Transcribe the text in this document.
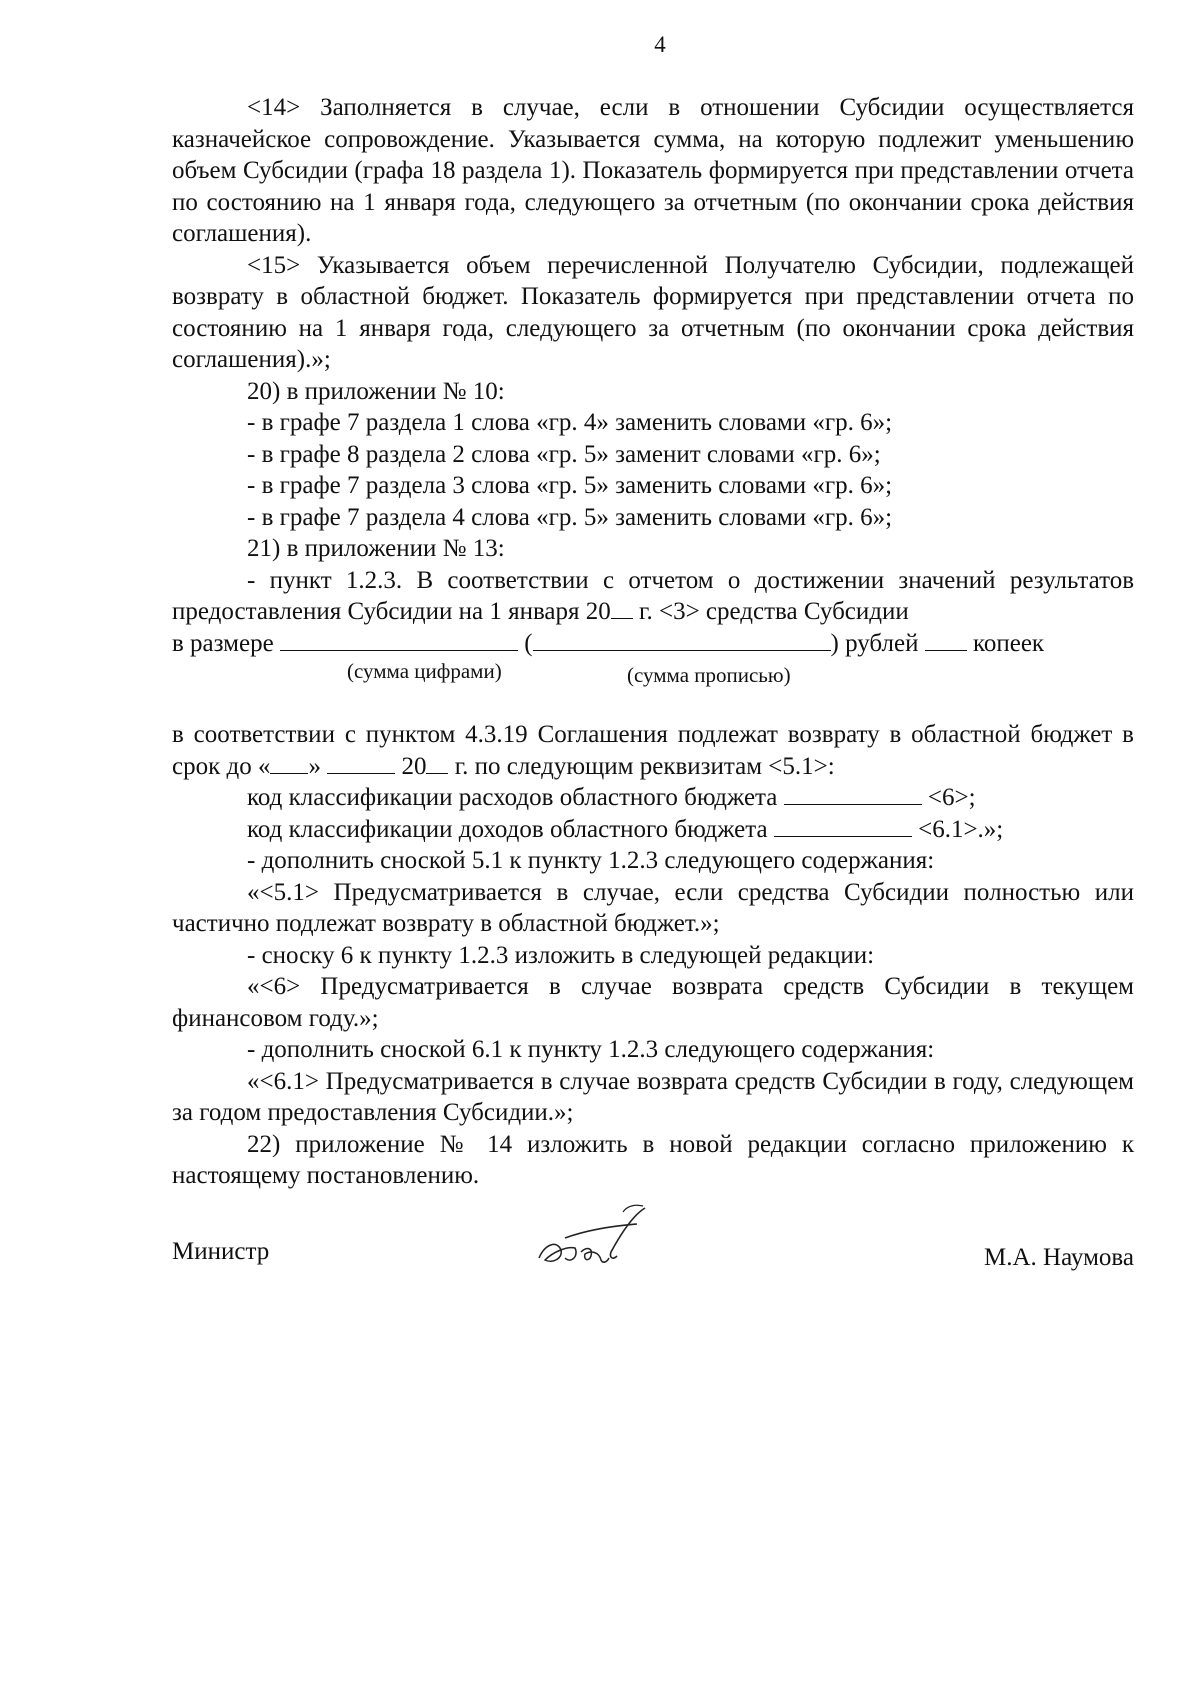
4

<14> Заполняется в случае, если в отношении Субсидии осуществляется казначейское сопровождение. Указывается сумма, на которую подлежит уменьшению объем Субсидии (графа 18 раздела 1). Показатель формируется при представлении отчета по состоянию на 1 января года, следующего за отчетным (по окончании срока действия соглашения).

<15> Указывается объем перечисленной Получателю Субсидии, подлежащей возврату в областной бюджет. Показатель формируется при представлении отчета по состоянию на 1 января года, следующего за отчетным (по окончании срока действия соглашения).»;

20) в приложении № 10:
- в графе 7 раздела 1 слова «гр. 4» заменить словами «гр. 6»;
- в графе 8 раздела 2 слова «гр. 5» заменит словами «гр. 6»;
- в графе 7 раздела 3 слова «гр. 5» заменить словами «гр. 6»;
- в графе 7 раздела 4 слова «гр. 5» заменить словами «гр. 6»;
21) в приложении № 13:

- пункт 1.2.3. В соответствии с отчетом о достижении значений результатов предоставления Субсидии на 1 января 20 г. <3> средства Субсидии

в размере	(	) рублей копеек
(сумма цифрами)	(сумма прописью)

в соответствии с пунктом 4.3.19 Соглашения подлежат возврату в областной бюджет в срок до « »	20 г. по следующим реквизитам <5.1>:

код классификации расходов областного бюджета	<6>;
код классификации доходов областного бюджета	<6.1>.»;
- дополнить сноской 5.1 к пункту 1.2.3 следующего содержания:

«<5.1> Предусматривается в случае, если средства Субсидии полностью или частично подлежат возврату в областной бюджет.»;

- сноску 6 к пункту 1.2.3 изложить в следующей редакции:

«<6> Предусматривается в случае возврата средств Субсидии в текущем финансовом году.»;

- дополнить сноской 6.1 к пункту 1.2.3 следующего содержания:

«<6.1> Предусматривается в случае возврата средств Субсидии в году, следующем за годом предоставления Субсидии.»;

22) приложение № 14 изложить в новой редакции согласно приложению к настоящему постановлению.

Министр	М.А. Наумова
